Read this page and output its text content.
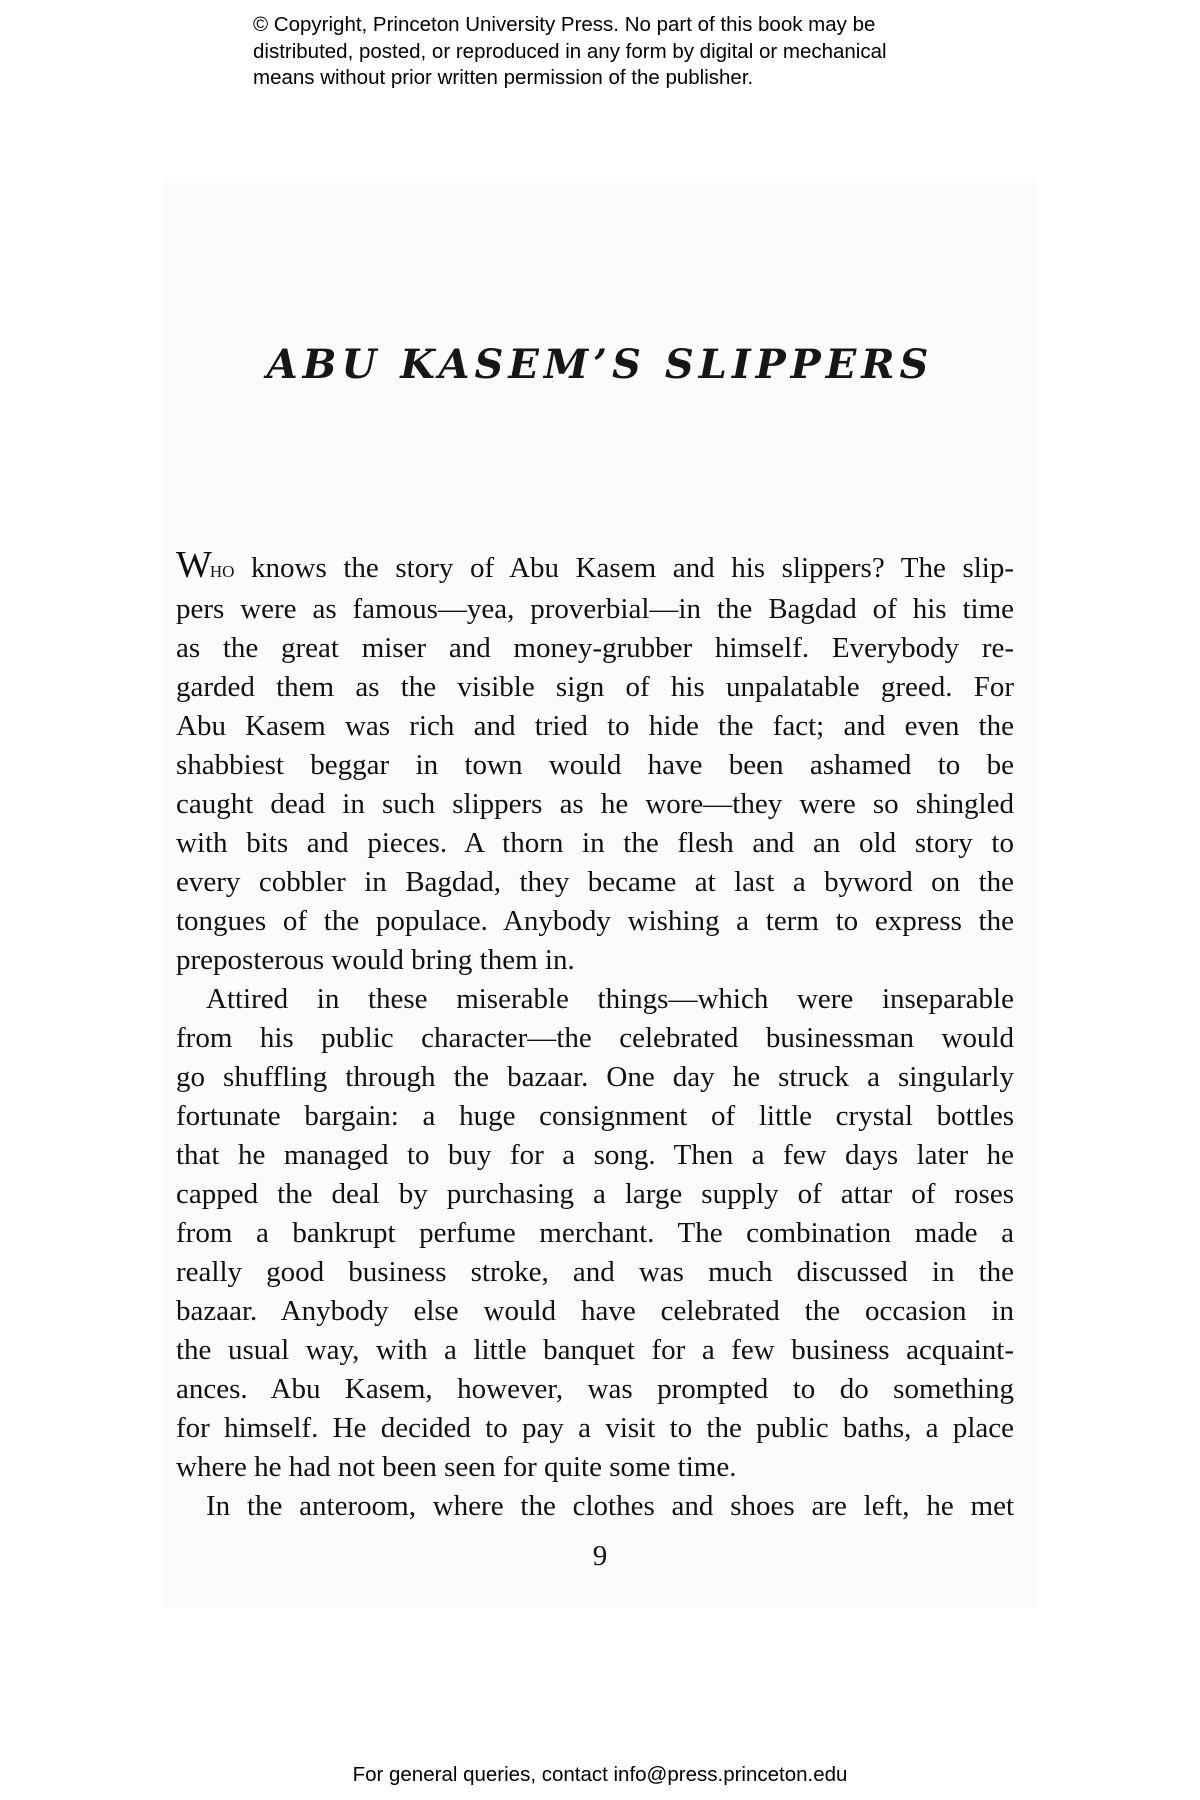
© Copyright, Princeton University Press. No part of this book may be
distributed, posted, or reproduced in any form by digital or mechanical
means without prior written permission of the publisher.
ABU KASEM’S SLIPPERS

Who knows the story of Abu Kasem and his slippers? The slip-

pers were as famous—yea, proverbial—in the Bagdad of his time

as the great miser and money-grubber himself. Everybody re-

garded them as the visible sign of his unpalatable greed. For

Abu Kasem was rich and tried to hide the fact; and even the

shabbiest beggar in town would have been ashamed to be

caught dead in such slippers as he wore—they were so shingled

with bits and pieces. A thorn in the flesh and an old story to

every cobbler in Bagdad, they became at last a byword on the

tongues of the populace. Anybody wishing a term to express the

preposterous would bring them in.

Attired in these miserable things—which were inseparable

from his public character—the celebrated businessman would

go shuffling through the bazaar. One day he struck a singularly

fortunate bargain: a huge consignment of little crystal bottles

that he managed to buy for a song. Then a few days later he

capped the deal by purchasing a large supply of attar of roses

from a bankrupt perfume merchant. The combination made a

really good business stroke, and was much discussed in the

bazaar. Anybody else would have celebrated the occasion in

the usual way, with a little banquet for a few business acquaint-

ances. Abu Kasem, however, was prompted to do something

for himself. He decided to pay a visit to the public baths, a place

where he had not been seen for quite some time.

In the anteroom, where the clothes and shoes are left, he met

9
For general queries, contact info@press.princeton.edu
